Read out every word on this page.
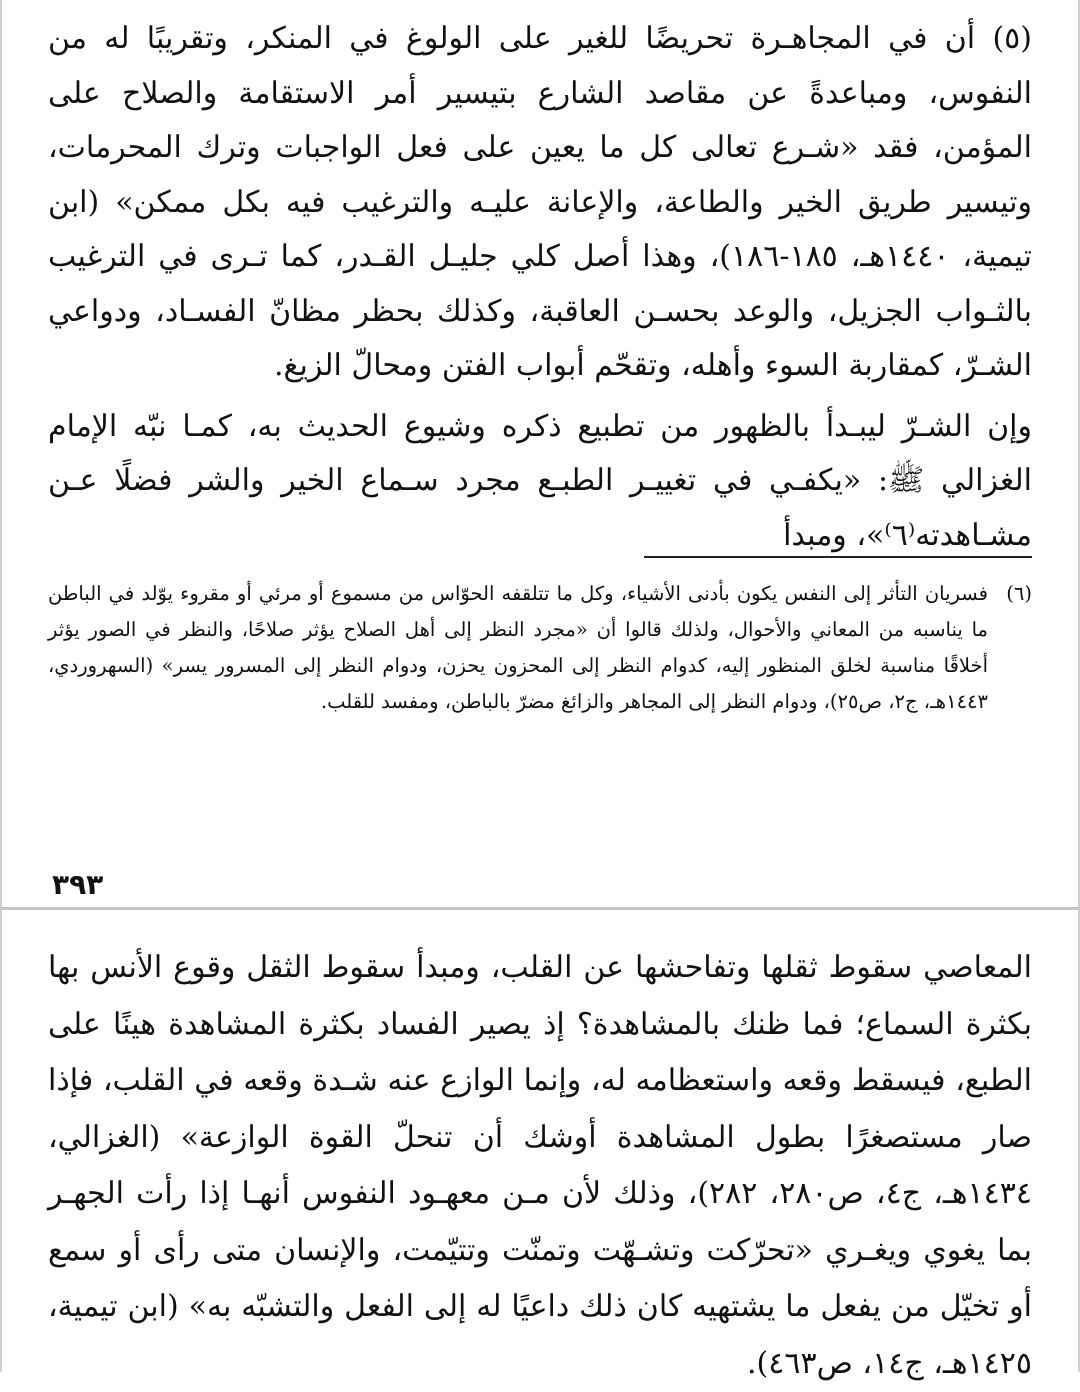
(٥) أن في المجاهـرة تحريضًا للغير على الولوغ في المنكر، وتقريبًا له من النفوس، ومباعدةً عن مقاصد الشارع بتيسير أمر الاستقامة والصلاح على المؤمن، فقد «شـرع تعالى كل ما يعين على فعل الواجبات وترك المحرمات، وتيسير طريق الخير والطاعة، والإعانة عليـه والترغيب فيه بكل ممكن» (ابن تيمية، ١٤٤٠هـ، ١٨٥-١٨٦)، وهذا أصل كلي جليـل القـدر، كما تـرى في الترغيب بالثـواب الجزيل، والوعد بحسـن العاقبة، وكذلك بحظر مظانّ الفسـاد، ودواعي الشـرّ، كمقاربة السوء وأهله، وتقحّم أبواب الفتن ومحالّ الزيغ.

وإن الشـرّ ليبـدأ بالظهور من تطبيع ذكره وشيوع الحديث به، كمـا نبّه الإمام الغزالي ﷺ: «يكفـي في تغييـر الطبـع مجرد سـماع الخير والشر فضلًا عـن مشـاهدته⁽٦⁾»، ومبدأ

(٦)
فسريان التأثر إلى النفس يكون بأدنى الأشياء، وكل ما تتلقفه الحوّاس من مسموع أو مرئي أو مقروء يوّلد في الباطن ما يناسبه من المعاني والأحوال، ولذلك قالوا أن «مجرد النظر إلى أهل الصلاح يؤثر صلاحًا، والنظر في الصور يؤثر أخلاقًا مناسبة لخلق المنظور إليه، كدوام النظر إلى المحزون يحزن، ودوام النظر إلى المسرور يسر» (السهروردي، ١٤٤٣هـ، ج٢، ص٢٥)، ودوام النظر إلى المجاهر والزائغ مضرّ بالباطن، ومفسد للقلب.
٣٩٣

المعاصي سقوط ثقلها وتفاحشها عن القلب، ومبدأ سقوط الثقل وقوع الأنس بها بكثرة السماع؛ فما ظنك بالمشاهدة؟ إذ يصير الفساد بكثرة المشاهدة هينًا على الطبع، فيسقط وقعه واستعظامه له، وإنما الوازع عنه شـدة وقعه في القلب، فإذا صار مستصغرًا بطول المشاهدة أوشك أن تنحلّ القوة الوازعة» (الغزالي، ١٤٣٤هـ، ج٤، ص٢٨٠، ٢٨٢)، وذلك لأن مـن معهـود النفوس أنهـا إذا رأت الجهـر بما يغوي ويغـري «تحرّكت وتشـهّت وتمنّت وتتيّمت، والإنسان متى رأى أو سمع أو تخيّل من يفعل ما يشتهيه كان ذلك داعيًا له إلى الفعل والتشبّه به» (ابن تيمية، ١٤٢٥هـ، ج١٤، ص٤٦٣).
